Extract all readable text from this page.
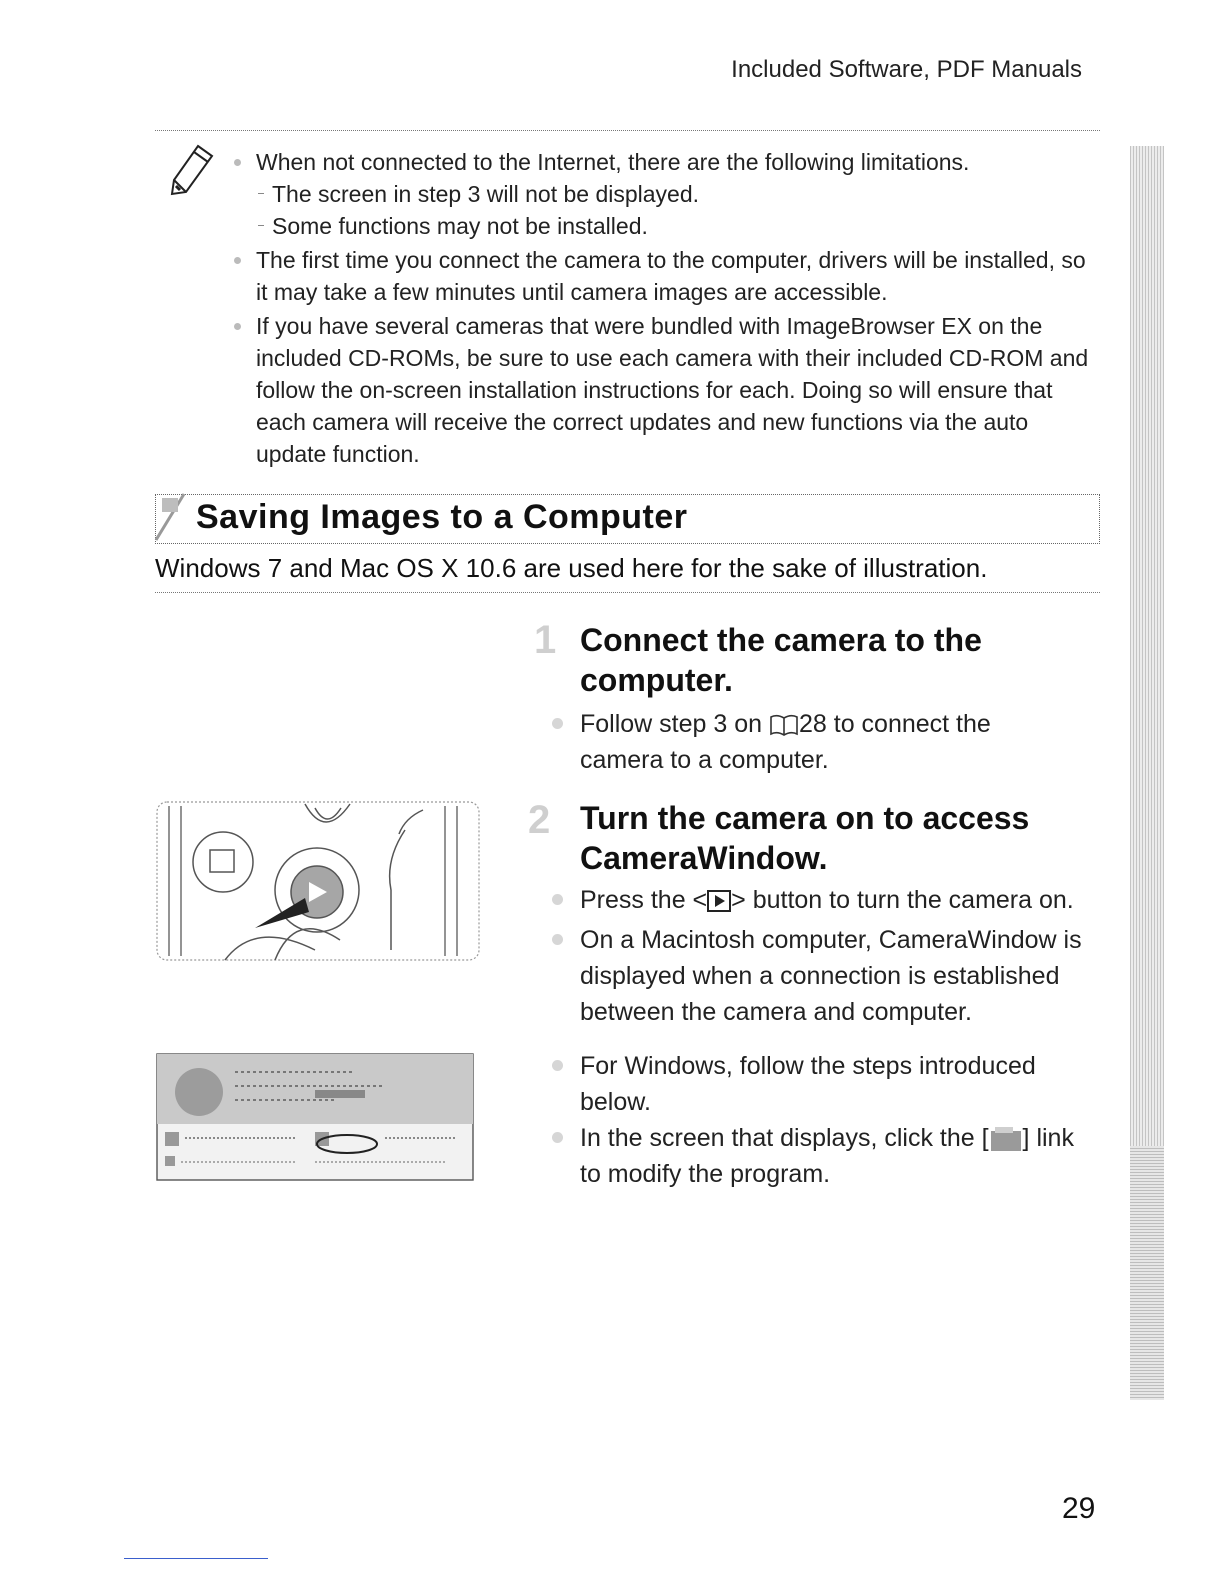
Included Software, PDF Manuals
When not connected to the Internet, there are the following limitations.
The screen in step 3 will not be displayed.
Some functions may not be installed.
The first time you connect the camera to the computer, drivers will be installed, so it may take a few minutes until camera images are accessible.
If you have several cameras that were bundled with ImageBrowser EX on the included CD-ROMs, be sure to use each camera with their included CD-ROM and follow the on-screen installation instructions for each. Doing so will ensure that each camera will receive the correct updates and new functions via the auto update function.
Saving Images to a Computer
Windows 7 and Mac OS X 10.6 are used here for the sake of illustration.
1 Connect the camera to the computer.
Follow step 3 on 28 to connect the camera to a computer.
2 Turn the camera on to access CameraWindow.
Press the < > button to turn the camera on.
On a Macintosh computer, CameraWindow is displayed when a connection is established between the camera and computer.
For Windows, follow the steps introduced below.
In the screen that displays, click the [ ] link to modify the program.
29
